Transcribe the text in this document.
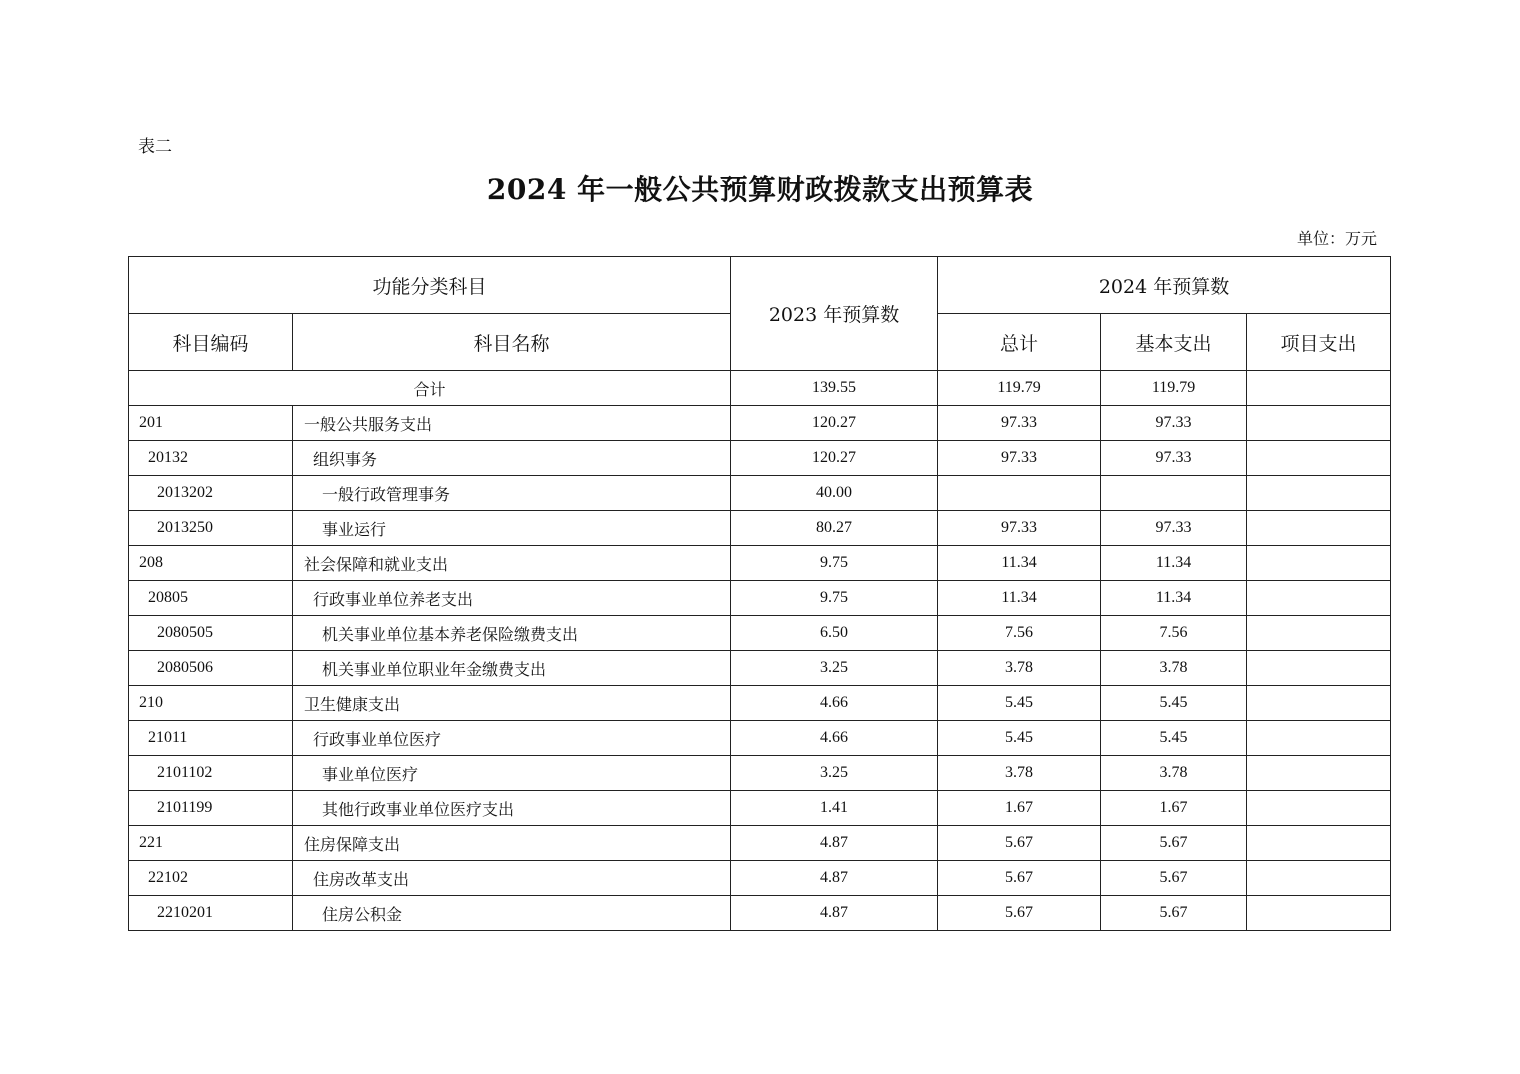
表二
2024 年一般公共预算财政拨款支出预算表
单位：万元
功能分类科目		2023 年预算数	2024 年预算数		
科目编码	科目名称		总计	基本支出	项目支出
合计		139.55	119.79	119.79	
201	一般公共服务支出	120.27	97.33	97.33	
20132	组织事务	120.27	97.33	97.33	
2013202	一般行政管理事务	40.00			
2013250	事业运行	80.27	97.33	97.33	
208	社会保障和就业支出	9.75	11.34	11.34	
20805	行政事业单位养老支出	9.75	11.34	11.34	
2080505	机关事业单位基本养老保险缴费支出	6.50	7.56	7.56	
2080506	机关事业单位职业年金缴费支出	3.25	3.78	3.78	
210	卫生健康支出	4.66	5.45	5.45	
21011	行政事业单位医疗	4.66	5.45	5.45	
2101102	事业单位医疗	3.25	3.78	3.78	
2101199	其他行政事业单位医疗支出	1.41	1.67	1.67	
221	住房保障支出	4.87	5.67	5.67	
22102	住房改革支出	4.87	5.67	5.67	
2210201	住房公积金	4.87	5.67	5.67	
